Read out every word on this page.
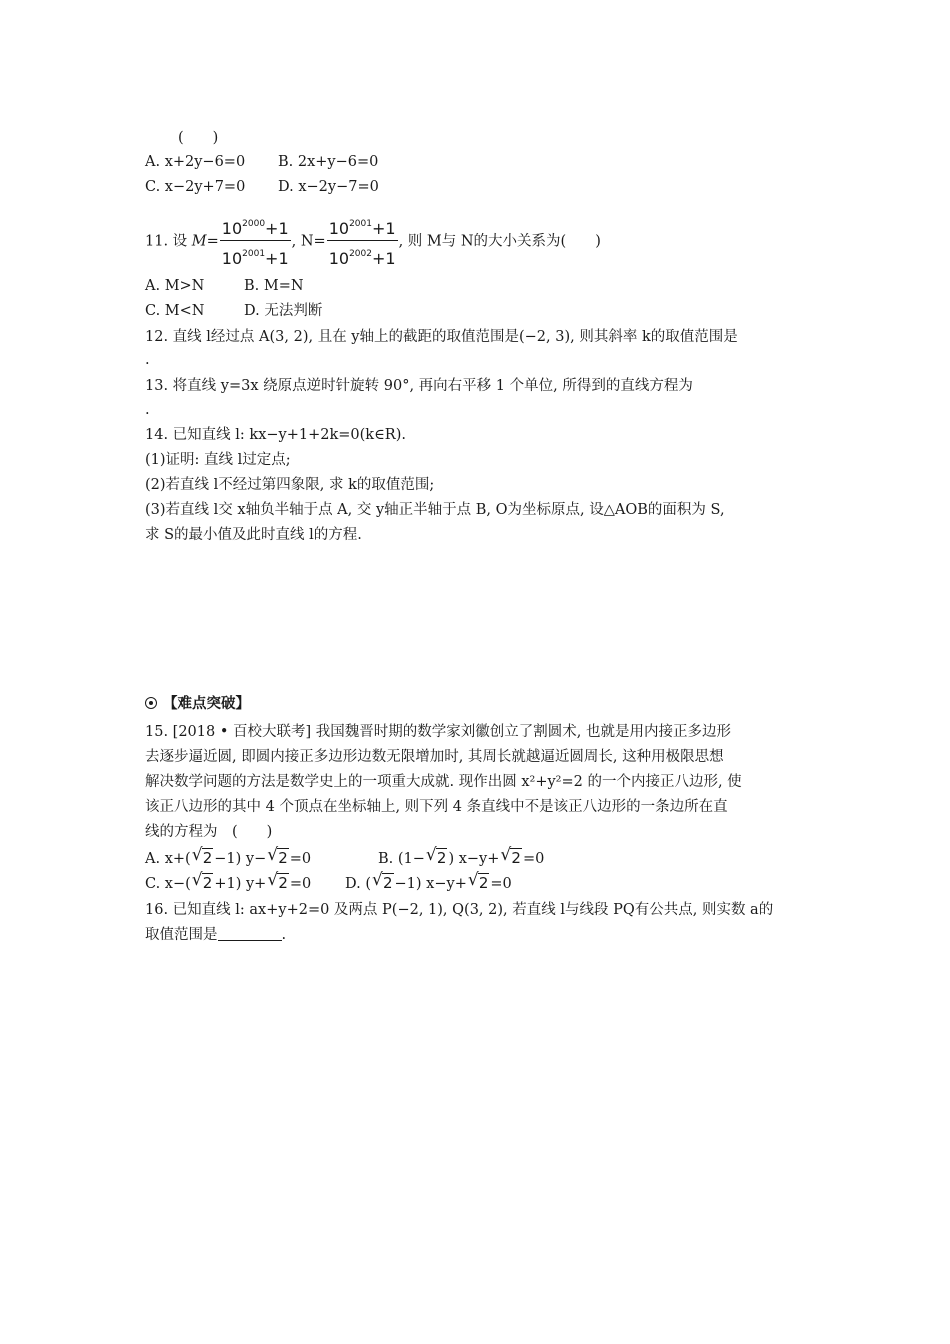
(　　)
A. x+2y−6=0 B. 2x+y−6=0
C. x−2y+7=0 D. x−2y−7=0
11. 设 $M= \frac{10^{2000}+1}{10^{2001}+1}$ , $N= \frac{10^{2001}+1}{10^{2002}+1}$ , 则 M与 N的大小关系为(　　)
A. M>N	B. M=N
C. M<N	D. 无法判断
12. 直线 l经过点 A(3, 2), 且在 y轴上的截距的取值范围是(−2, 3), 则其斜率 k的取值范围是
.
13. 将直线 y=3x 绕原点逆时针旋转 90°, 再向右平移 1 个单位, 所得到的直线方程为
.
14. 已知直线 l: kx−y+1+2k=0(k∈R).
(1)证明: 直线 l过定点;
(2)若直线 l不经过第四象限, 求 k的取值范围;
(3)若直线 l交 x轴负半轴于点 A, 交 y轴正半轴于点 B, O为坐标原点, 设△AOB的面积为 S,
求 S的最小值及此时直线 l的方程.
【难点突破】
15. [2018 • 百校大联考] 我国魏晋时期的数学家刘徽创立了割圆术, 也就是用内接正多边形
去逐步逼近圆, 即圆内接正多边形边数无限增加时, 其周长就越逼近圆周长, 这种用极限思想
解决数学问题的方法是数学史上的一项重大成就. 现作出圆 x²+y²=2 的一个内接正八边形, 使
该正八边形的其中 4 个顶点在坐标轴上, 则下列 4 条直线中不是该正八边形的一条边所在直
线的方程为　(　　)
A. x+( √ 2 −1) y− √ 2 =0	B. (1− √ 2 ) x−y+ √ 2 =0
C. x−( √ 2 +1) y+ √ 2 =0 D. ( √ 2 −1) x−y+ √ 2 =0
16. 已知直线 l: ax+y+2=0 及两点 P(−2, 1), Q(3, 2), 若直线 l与线段 PQ有公共点, 则实数 a的
取值范围是	.
